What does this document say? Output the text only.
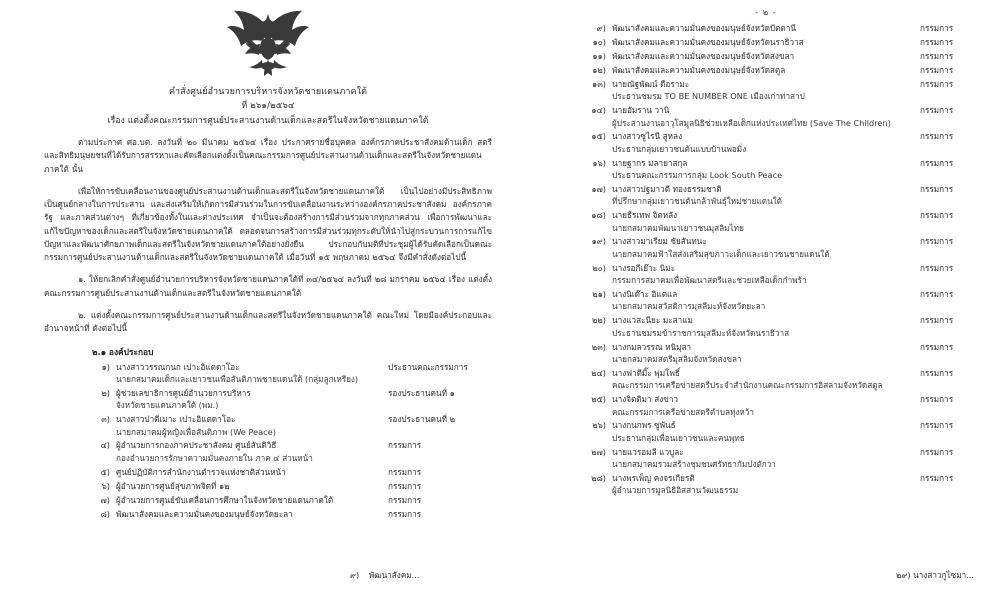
คำสั่งศูนย์อำนวยการบริหารจังหวัดชายแดนภาคใต้
ที่ ๒๖๑/๒๕๖๔
เรื่อง แต่งตั้งคณะกรรมการศูนย์ประสานงานด้านเด็กและสตรีในจังหวัดชายแดนภาคใต้

ตามประกาศ ศอ.บต. ลงวันที่ ๒๐ มีนาคม ๒๕๖๔ เรื่อง ประกาศรายชื่อบุคคล องค์กรภาคประชาสังคมด้านเด็ก สตรี และสิทธิมนุษยชนที่ได้รับการสรรหาและคัดเลือกแต่งตั้งเป็นคณะกรรมการศูนย์ประสานงานด้านเด็กและสตรีในจังหวัดชายแดนภาคใต้ นั้น

เพื่อให้การขับเคลื่อนงานของศูนย์ประสานงานด้านเด็กและสตรีในจังหวัดชายแดนภาคใต้ เป็นไปอย่างมีประสิทธิภาพ เป็นศูนย์กลางในการประสาน และส่งเสริมให้เกิดการมีส่วนร่วมในการขับเคลื่อนงานระหว่างองค์กรภาคประชาสังคม องค์กรภาครัฐ และภาคส่วนต่างๆ ที่เกี่ยวข้องทั้งในและต่างประเทศ จำเป็นจะต้องสร้างการมีส่วนร่วมจากทุกภาคส่วน เพื่อการพัฒนาและแก้ไขปัญหาของเด็กและสตรีในจังหวัดชายแดนภาคใต้ ตลอดจนการสร้างการมีส่วนร่วมทุกระดับให้นำไปสู่กระบวนการการแก้ไขปัญหาและพัฒนาศักยภาพเด็กและสตรีในจังหวัดชายแดนภาคใต้อย่างยั่งยืน ประกอบกับมติที่ประชุมผู้ได้รับคัดเลือกเป็นคณะกรรมการศูนย์ประสานงานด้านเด็กและสตรีในจังหวัดชายแดนภาคใต้ เมื่อวันที่ ๑๕ พฤษภาคม ๒๕๖๔ จึงมีคำสั่งดังต่อไปนี้

๑. ให้ยกเลิกคำสั่งศูนย์อำนวยการบริหารจังหวัดชายแดนภาคใต้ที่ ๓๔/๒๕๖๔ ลงวันที่ ๒๘ มกราคม ๒๕๖๔ เรื่อง แต่งตั้งคณะกรรมการศูนย์ประสานงานด้านเด็กและสตรีในจังหวัดชายแดนภาคใต้

๒. แต่งตั้งคณะกรรมการศูนย์ประสานงานด้านเด็กและสตรีในจังหวัดชายแดนภาคใต้ คณะใหม่ โดยมีองค์ประกอบและอำนาจหน้าที่ ดังต่อไปนี้

๒.๑ องค์ประกอบ
๑) นางสาววรรณกนก เปาะอิแตดาโอะ	ประธานคณะกรรมการ
นายกสมาคมเด็กและเยาวชนเพื่อสันติภาพชายแดนใต้ (กลุ่มลูกเหรียง)
๒) ผู้ช่วยเลขาธิการศูนย์อำนวยการบริหาร	รองประธานคนที่ ๑
จังหวัดชายแดนภาคใต้ (พม.)
๓) นางสาวปาตีเมาะ เปาะอิแตดาโอะ	รองประธานคนที่ ๒
นายกสมาคมผู้หญิงเพื่อสันติภาพ (We Peace)
๔) ผู้อำนวยการกองภาคประชาสังคม ศูนย์สันติวิธี	กรรมการ
กองอำนวยการรักษาความมั่นคงภายใน ภาค ๔ ส่วนหน้า
๕) ศูนย์ปฏิบัติการสำนักงานตำรวจแห่งชาติส่วนหน้า	กรรมการ
๖) ผู้อำนวยการศูนย์สุขภาพจิตที่ ๑๒	กรรมการ
๗) ผู้อำนวยการศูนย์ขับเคลื่อนการศึกษาในจังหวัดชายแดนภาคใต้	กรรมการ
๘) พัฒนาสังคมและความมั่นคงของมนุษย์จังหวัดยะลา	กรรมการ
๙) พัฒนาสังคม...
- ๒ -
๙) พัฒนาสังคมและความมั่นคงของมนุษย์จังหวัดปัตตานี	กรรมการ
๑๐) พัฒนาสังคมและความมั่นคงของมนุษย์จังหวัดนราธิวาส	กรรมการ
๑๑) พัฒนาสังคมและความมั่นคงของมนุษย์จังหวัดสงขลา	กรรมการ
๑๒) พัฒนาสังคมและความมั่นคงของมนุษย์จังหวัดสตูล	กรรมการ
๑๓) นายณัฐพัฒน์ ดือรามะ	กรรมการ
ประธานชมรม TO BE NUMBER ONE เมืองเก่าท่าสาป
๑๔) นายอัมราน วานิ	กรรมการ
ผู้ประสานงานอาวุโสมูลนิธิช่วยเหลือเด็กแห่งประเทศไทย (Save The Children)
๑๕) นางสาวซูไรนี สูหลง	กรรมการ
ประธานกลุ่มเยาวชนต้นแบบบ้านพ่อมิ่ง
๑๖) นายฐากร มลายาสกุล	กรรมการ
ประธานคณะกรรมการกลุ่ม Look South Peace
๑๗) นางสาวปฐมาวดี ทองธรรมชาติ	กรรมการ
ที่ปรึกษากลุ่มเยาวชนต้นกล้าพันธุ์ใหม่ชายแดนใต้
๑๘) นายธีรเทพ จิตหลัง	กรรมการ
นายกสมาคมพัฒนาเยาวชนมุสลิมไทย
๑๙) นางสาวมาเรียม ชัยสันทนะ	กรรมการ
นายกสมาคมฟ้าใสส่งเสริมสุขภาวะเด็กและเยาวชนชายแดนใต้
๒๐) นางรอกีเย๊าะ นิมะ	กรรมการ
กรรมการสมาคมเพื่อพัฒนาสตรีและช่วยเหลือเด็กกำพร้า
๒๑) นางนิเด๊าะ อิแตแล	กรรมการ
นายกสมาคมสวัสดิการมุสลีมะห์จังหวัดยะลา
๒๒) นางแวสะนียะ มะสาแม	กรรมการ
ประธานชมรมข้าราชการมุสลีมะห์จังหวัดนราธิวาส
๒๓) นางกมลวรรณ หนิมุสา	กรรมการ
นายกสมาคมสตรีมุสลิมจังหวัดสงขลา
๒๔) นางฟาตีมี๊ะ พุ่มโพธิ์	กรรมการ
คณะกรรมการเครือข่ายสตรีประจำสำนักงานคณะกรรมการอิสลามจังหวัดสตูล
๒๕) นางจิตติมา ส่งข่าว	กรรมการ
คณะกรรมการเครือข่ายสตรีตำบลทุ่งหว้า
๒๖) นางกนกพร ซูพันธ์	กรรมการ
ประธานกลุ่มเพื่อนเยาวชนและคนพุทธ
๒๗) นายแวรอมลี แวบูละ	กรรมการ
นายกสมาคมรวมสร้างชุมชนศรัทธากัมปงตักวา
๒๘) นางพรเพ็ญ คงจรเกียรติ	กรรมการ
ผู้อำนวยการมูลนิธิอิสสานวัฒนธรรม
๒๙) นางสาวกูไซมา...
